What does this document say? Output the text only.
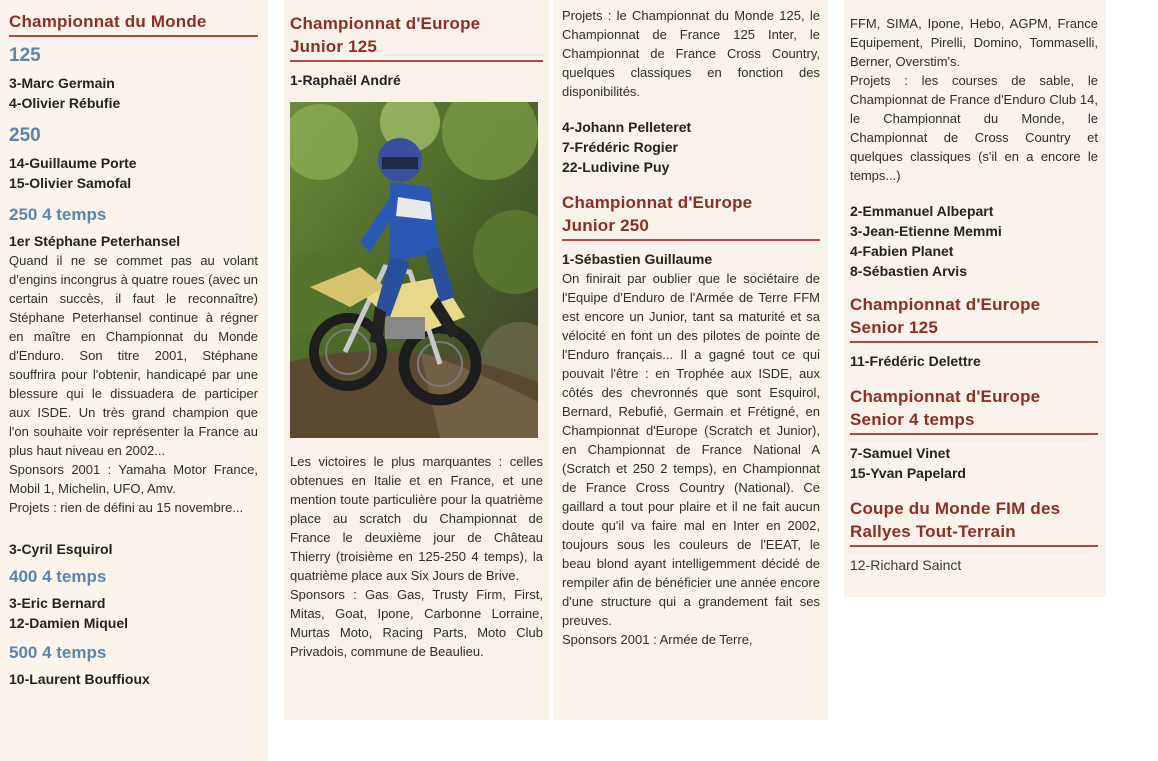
Championnat du Monde
125
3-Marc Germain
4-Olivier Rébufie
250
14-Guillaume Porte
15-Olivier Samofal
250 4 temps
1er Stéphane Peterhansel
Quand il ne se commet pas au volant d'engins incongrus à quatre roues (avec un certain succès, il faut le reconnaître) Stéphane Peterhansel continue à régner en maître en Championnat du Monde d'Enduro. Son titre 2001, Stéphane souffrira pour l'obtenir, handicapé par une blessure qui le dissuadera de participer aux ISDE. Un très grand champion que l'on souhaite voir représenter la France au plus haut niveau en 2002...
Sponsors 2001 : Yamaha Motor France, Mobil 1, Michelin, UFO, Amv.
Projets : rien de défini au 15 novembre...
3-Cyril Esquirol
400 4 temps
3-Eric Bernard
12-Damien Miquel
500 4 temps
10-Laurent Bouffioux
Championnat d'Europe
Junior 125
1-Raphaël André
Les victoires le plus marquantes : celles obtenues en Italie et en France, et une mention toute particulière pour la quatrième place au scratch du Championnat de France le deuxième jour de Château Thierry (troisième en 125-250 4 temps), la quatrième place aux Six Jours de Brive.
Sponsors : Gas Gas, Trusty Firm, First, Mitas, Goat, Ipone, Carbonne Lorraine, Murtas Moto, Racing Parts, Moto Club Privadois, commune de Beaulieu.
Projets : le Championnat du Monde 125, le Championnat de France 125 Inter, le Championnat de France Cross Country, quelques classiques en fonction des disponibilités.
4-Johann Pelleteret
7-Frédéric Rogier
22-Ludivine Puy
Championnat d'Europe
Junior 250
1-Sébastien Guillaume
On finirait par oublier que le sociétaire de l'Equipe d'Enduro de l'Armée de Terre FFM est encore un Junior, tant sa maturité et sa vélocité en font un des pilotes de pointe de l'Enduro français... Il a gagné tout ce qui pouvait l'être : en Trophée aux ISDE, aux côtés des chevronnés que sont Esquirol, Bernard, Rebufié, Germain et Frétigné, en Championnat d'Europe (Scratch et Junior), en Championnat de France National A (Scratch et 250 2 temps), en Championnat de France Cross Country (National). Ce gaillard a tout pour plaire et il ne fait aucun doute qu'il va faire mal en Inter en 2002, toujours sous les couleurs de l'EEAT, le beau blond ayant intelligemment décidé de rempiler afin de bénéficier une année encore d'une structure qui a grandement fait ses preuves.
Sponsors 2001 : Armée de Terre,
FFM, SIMA, Ipone, Hebo, AGPM, France Equipement, Pirelli, Domino, Tommaselli, Berner, Overstim's.
Projets : les courses de sable, le Championnat de France d'Enduro Club 14, le Championnat du Monde, le Championnat de Cross Country et quelques classiques (s'il en a encore le temps...)
2-Emmanuel Albepart
3-Jean-Etienne Memmi
4-Fabien Planet
8-Sébastien Arvis
Championnat d'Europe
Senior 125
11-Frédéric Delettre
Championnat d'Europe
Senior 4 temps
7-Samuel Vinet
15-Yvan Papelard
Coupe du Monde FIM des
Rallyes Tout-Terrain
12-Richard Sainct
